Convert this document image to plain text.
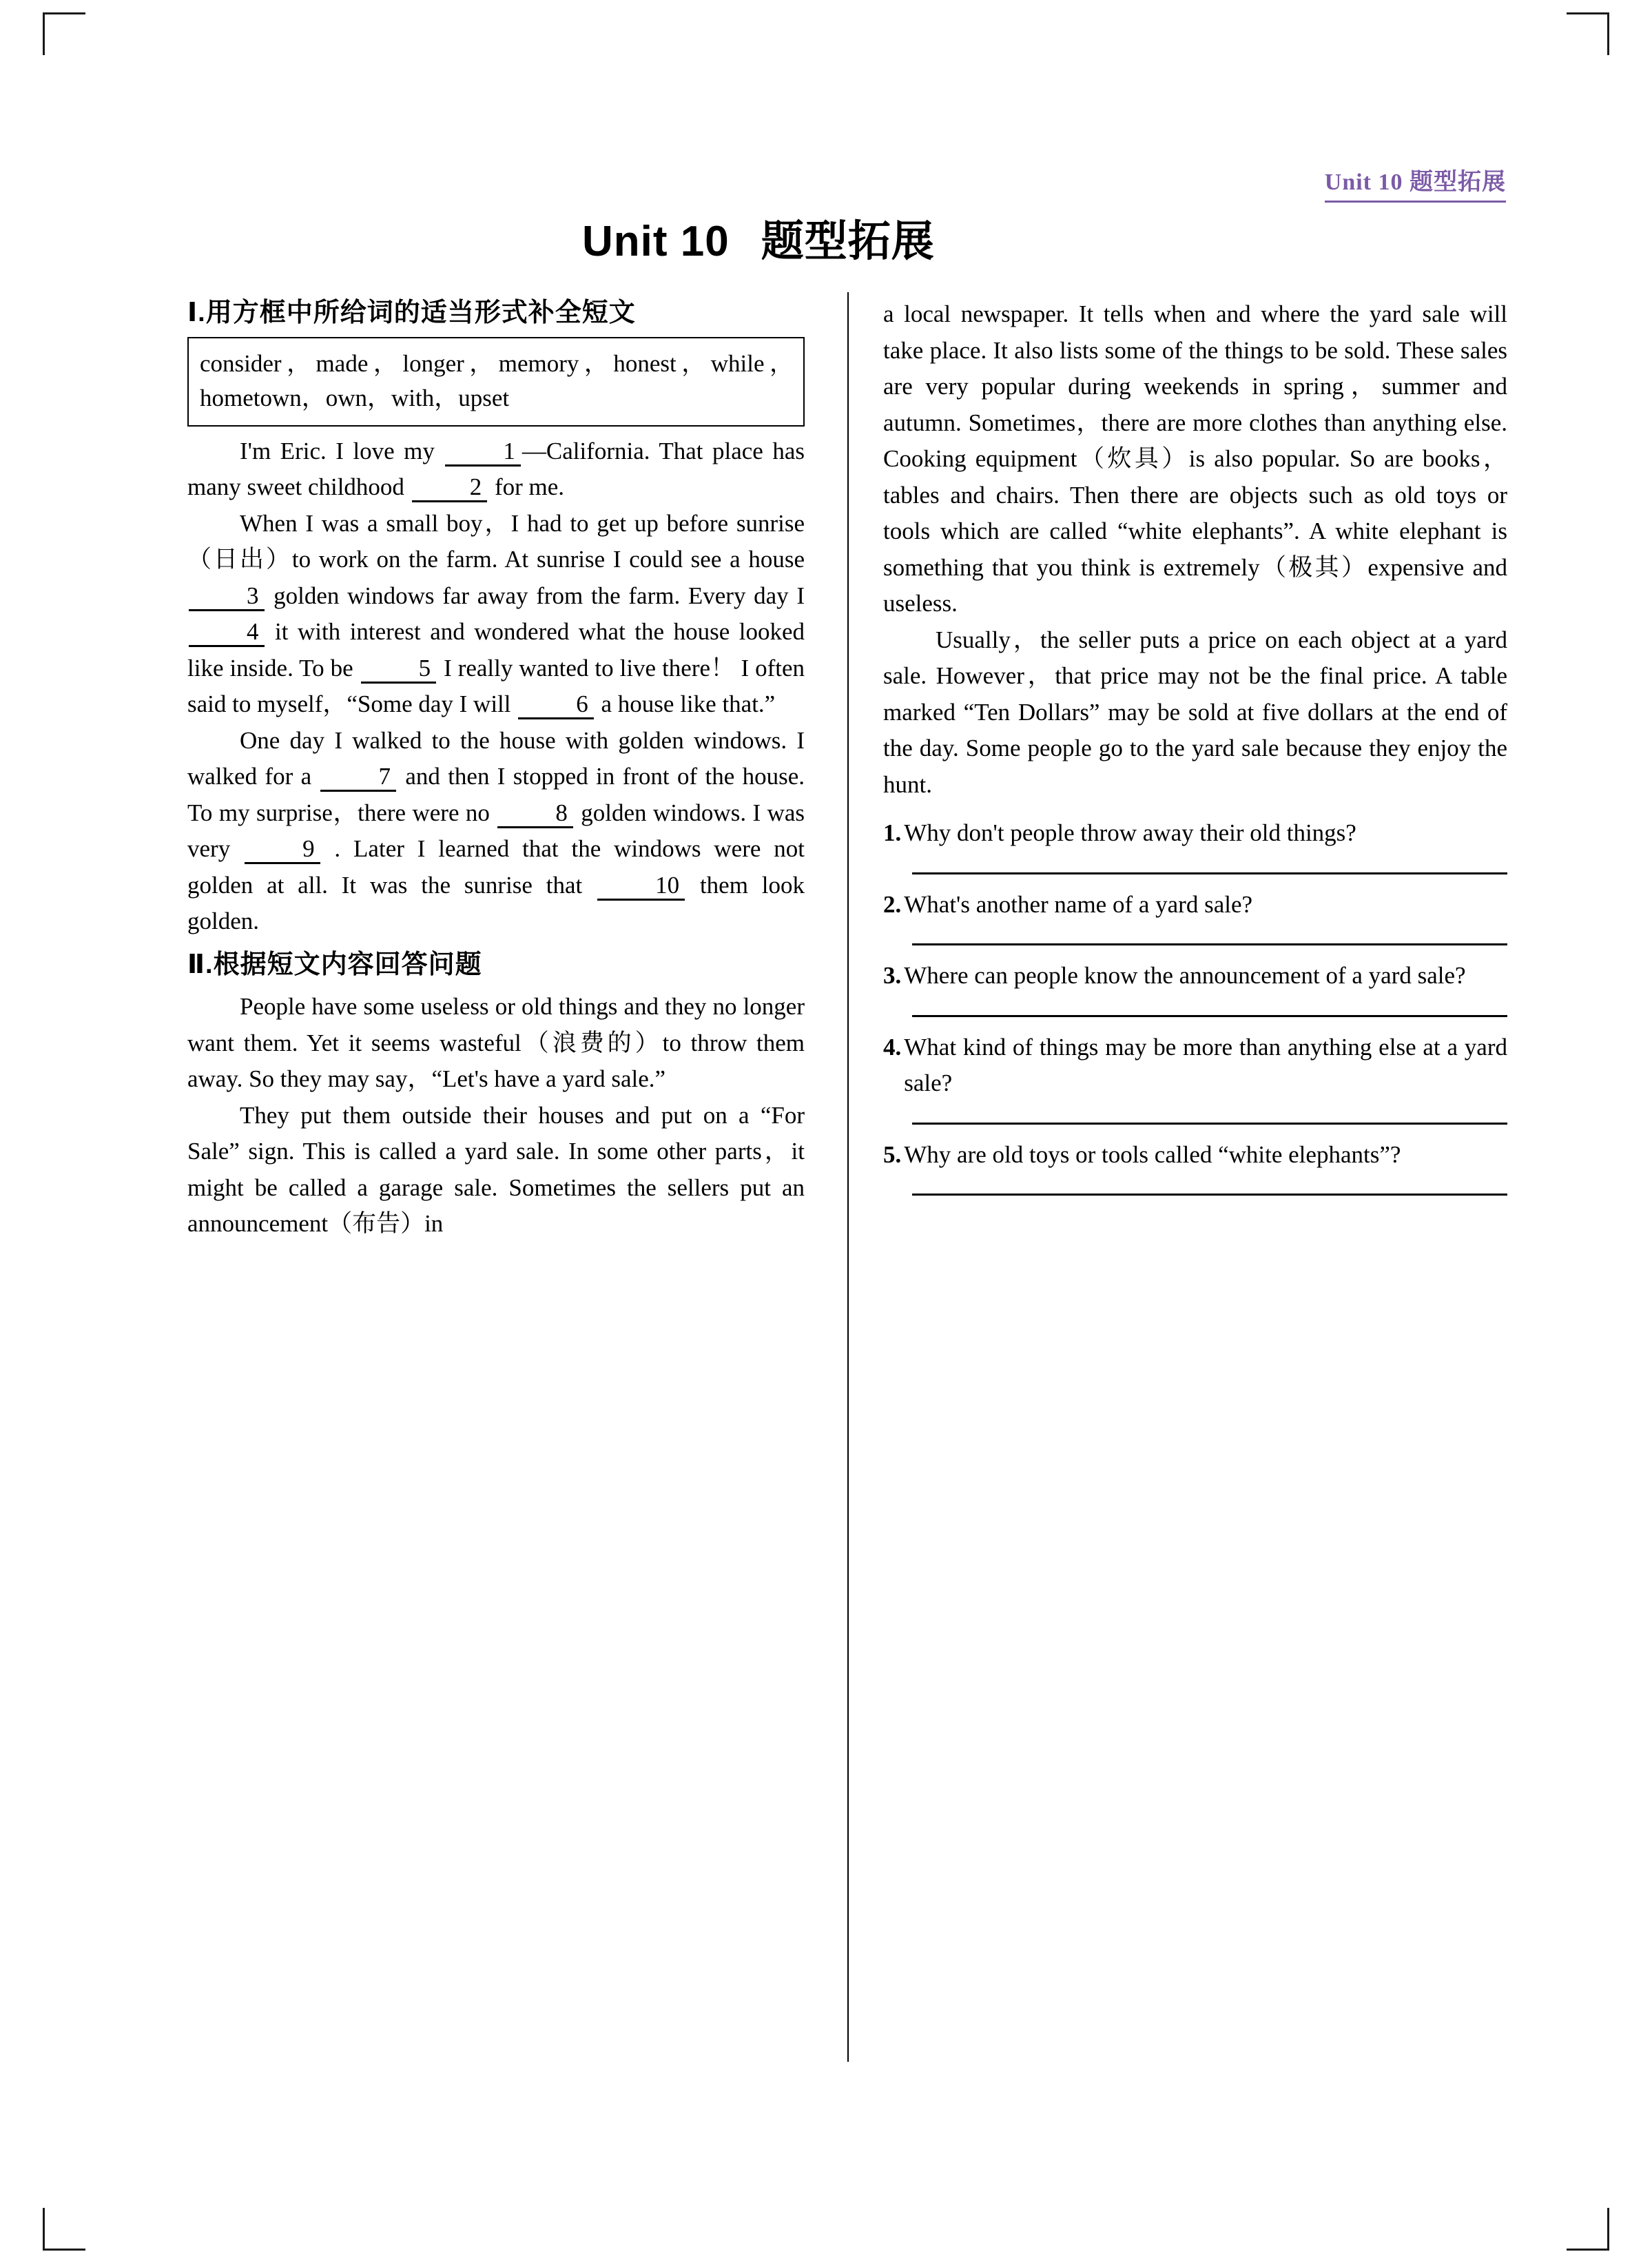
Unit 10 题型拓展
Unit 10 题型拓展
Ⅰ.用方框中所给词的适当形式补全短文
consider，made，longer，memory，honest，while，hometown，own，with，upset

I'm Eric. I love my 1 —California. That place has many sweet childhood 2 for me.

When I was a small boy，I had to get up before sunrise（日出）to work on the farm. At sunrise I could see a house 3 golden windows far away from the farm. Every day I4 it with interest and wondered what the house looked like inside. To be 5 I really wanted to live there！ I often said to myself，“Some day I will 6 a house like that.”

One day I walked to the house with golden windows. I walked for a 7 and then I stopped in front of the house. To my surprise，there were no 8 golden windows. I was very 9 . Later I learned that the windows were not golden at all. It was the sunrise that 10 them look golden.

Ⅱ.根据短文内容回答问题

People have some useless or old things and they no longer want them. Yet it seems wasteful（浪费的）to throw them away. So they may say，“Let's have a yard sale.”

They put them outside their houses and put on a “For Sale” sign. This is called a yard sale. In some other parts，it might be called a garage sale. Sometimes the sellers put an announcement（布告）in

a local newspaper. It tells when and where the yard sale will take place. It also lists some of the things to be sold. These sales are very popular during weekends in spring，summer and autumn. Sometimes，there are more clothes than anything else. Cooking equipment（炊具）is also popular. So are books，tables and chairs. Then there are objects such as old toys or tools which are called “white elephants”. A white elephant is something that you think is extremely（极其）expensive and useless.

Usually，the seller puts a price on each object at a yard sale. However，that price may not be the final price. A table marked “Ten Dollars” may be sold at five dollars at the end of the day. Some people go to the yard sale because they enjoy the hunt.

1. Why don't people throw away their old things?
2. What's another name of a yard sale?
3. Where can people know the announcement of a yard sale?
4. What kind of things may be more than anything else at a yard sale?
5. Why are old toys or tools called “white elephants”?
